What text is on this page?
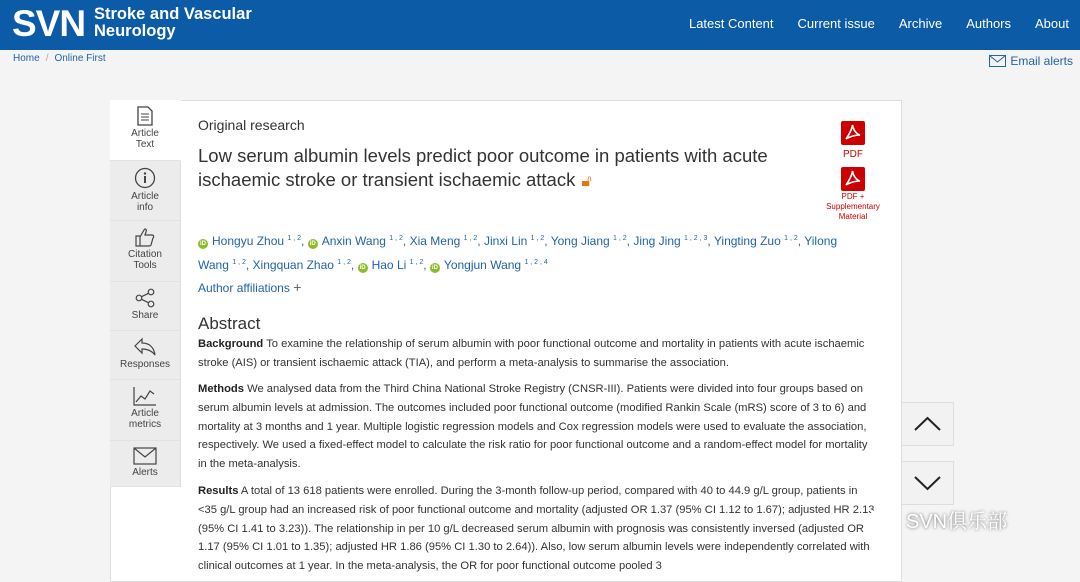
SVN Stroke and Vascular
Neurology	Latest Content Current issue Archive Authors About
Home / Online First	Email alerts
Article
Text
Article
info
Citation
Tools
Share
Responses
Article
metrics
Alerts
Original research
Low serum albumin levels predict poor outcome in patients with acute ischaemic stroke or transient ischaemic attack 🔓︎
PDF
PDF +
Supplementary
Material
iD Hongyu Zhou $^{1 , 2}$, iD Anxin Wang $^{1 , 2}$, Xia Meng $^{1 , 2}$, Jinxi Lin $^{1 , 2}$, Yong Jiang $^{1 , 2}$, Jing Jing $^{1 , 2 , 3}$, Yingting Zuo $^{1 , 2}$, Yilong Wang $^{1 , 2}$, Xingquan Zhao $^{1 , 2}$, iD Hao Li $^{1 , 2}$, iD Yongjun Wang $^{1 , 2 , 4}$
Author affiliations +
Abstract
Background To examine the relationship of serum albumin with poor functional outcome and mortality in patients with acute ischaemic stroke (AIS) or transient ischaemic attack (TIA), and perform a meta-analysis to summarise the association.
Methods We analysed data from the Third China National Stroke Registry (CNSR-III). Patients were divided into four groups based on serum albumin levels at admission. The outcomes included poor functional outcome (modified Rankin Scale (mRS) score of 3 to 6) and mortality at 3 months and 1 year. Multiple logistic regression models and Cox regression models were used to evaluate the association, respectively. We used a fixed-effect model to calculate the risk ratio for poor functional outcome and a random-effect model for mortality in the meta-analysis.
Results A total of 13 618 patients were enrolled. During the 3-month follow-up period, compared with 40 to 44.9 g/L group, patients in <35 g/L group had an increased risk of poor functional outcome and mortality (adjusted OR 1.37 (95% CI 1.12 to 1.67); adjusted HR 2.13 (95% CI 1.41 to 3.23)). The relationship in per 10 g/L decreased serum albumin with prognosis was consistently inversed (adjusted OR 1.17 (95% CI 1.01 to 1.35); adjusted HR 1.86 (95% CI 1.30 to 2.64)). Also, low serum albumin levels were independently correlated with clinical outcomes at 1 year. In the meta-analysis, the OR for poor functional outcome pooled 3
SVN俱乐部
